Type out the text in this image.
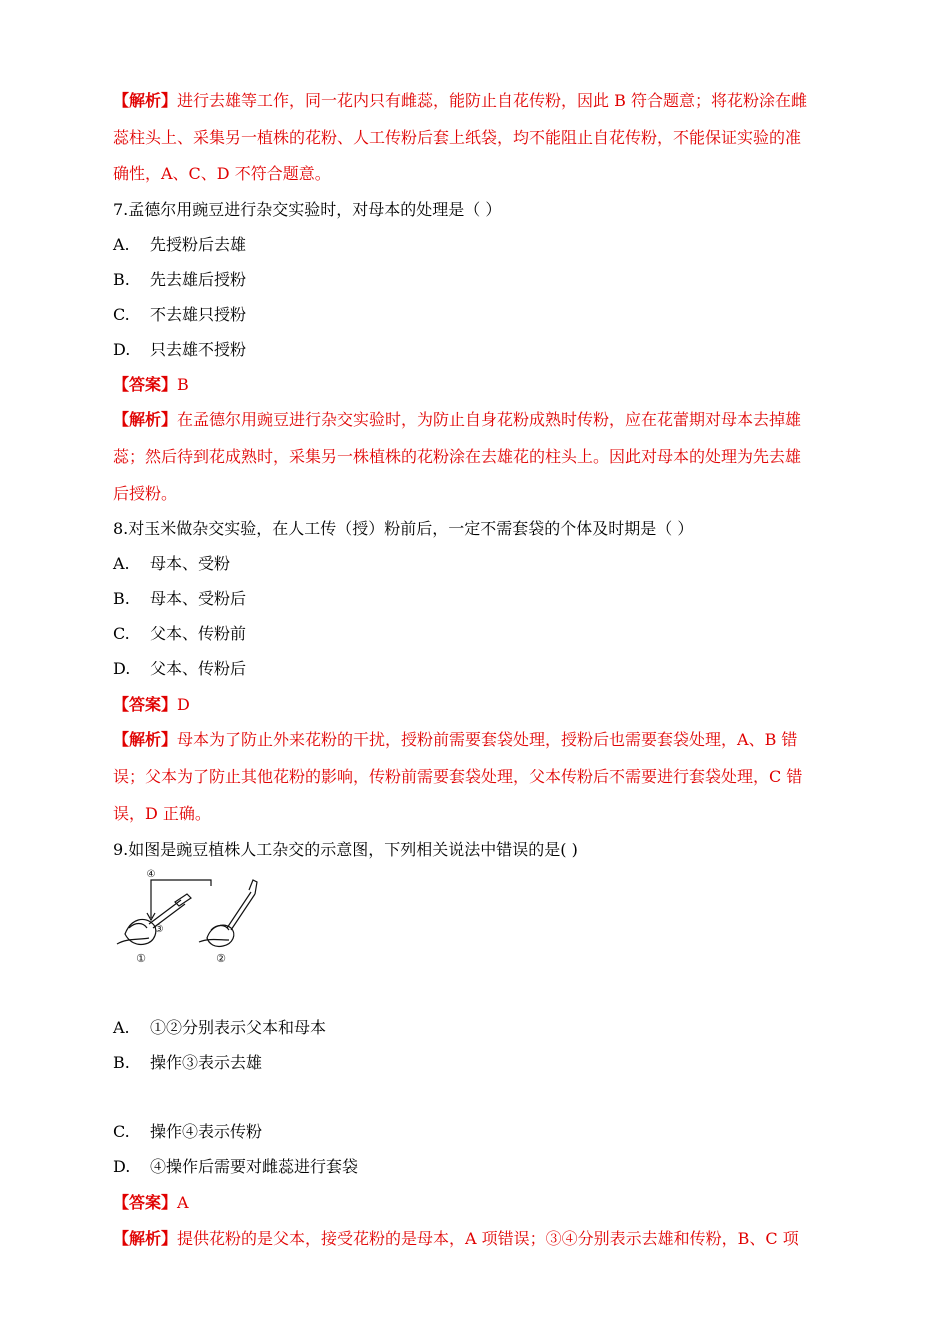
【解析】进行去雄等工作，同一花内只有雌蕊，能防止自花传粉，因此 B 符合题意；将花粉涂在雌
蕊柱头上、采集另一植株的花粉、人工传粉后套上纸袋，均不能阻止自花传粉，不能保证实验的准
确性，A、C、D 不符合题意。
7.孟德尔用豌豆进行杂交实验时，对母本的处理是（ ）
A. 先授粉后去雄
B. 先去雄后授粉
C. 不去雄只授粉
D. 只去雄不授粉
【答案】B
【解析】在孟德尔用豌豆进行杂交实验时，为防止自身花粉成熟时传粉，应在花蕾期对母本去掉雄
蕊；然后待到花成熟时，采集另一株植株的花粉涂在去雄花的柱头上。因此对母本的处理为先去雄
后授粉。
8.对玉米做杂交实验，在人工传（授）粉前后，一定不需套袋的个体及时期是（ ）
A. 母本、受粉
B. 母本、受粉后
C. 父本、传粉前
D. 父本、传粉后
【答案】D
【解析】母本为了防止外来花粉的干扰，授粉前需要套袋处理，授粉后也需要套袋处理，A、B 错
误；父本为了防止其他花粉的影响，传粉前需要套袋处理，父本传粉后不需要进行套袋处理，C 错
误，D 正确。
9.如图是豌豆植株人工杂交的示意图，下列相关说法中错误的是( )
④
③
①	②
A. ①②分别表示父本和母本
B. 操作③表示去雄
C. 操作④表示传粉
D. ④操作后需要对雌蕊进行套袋
【答案】A
【解析】提供花粉的是父本，接受花粉的是母本，A 项错误；③④分别表示去雄和传粉，B、C 项
